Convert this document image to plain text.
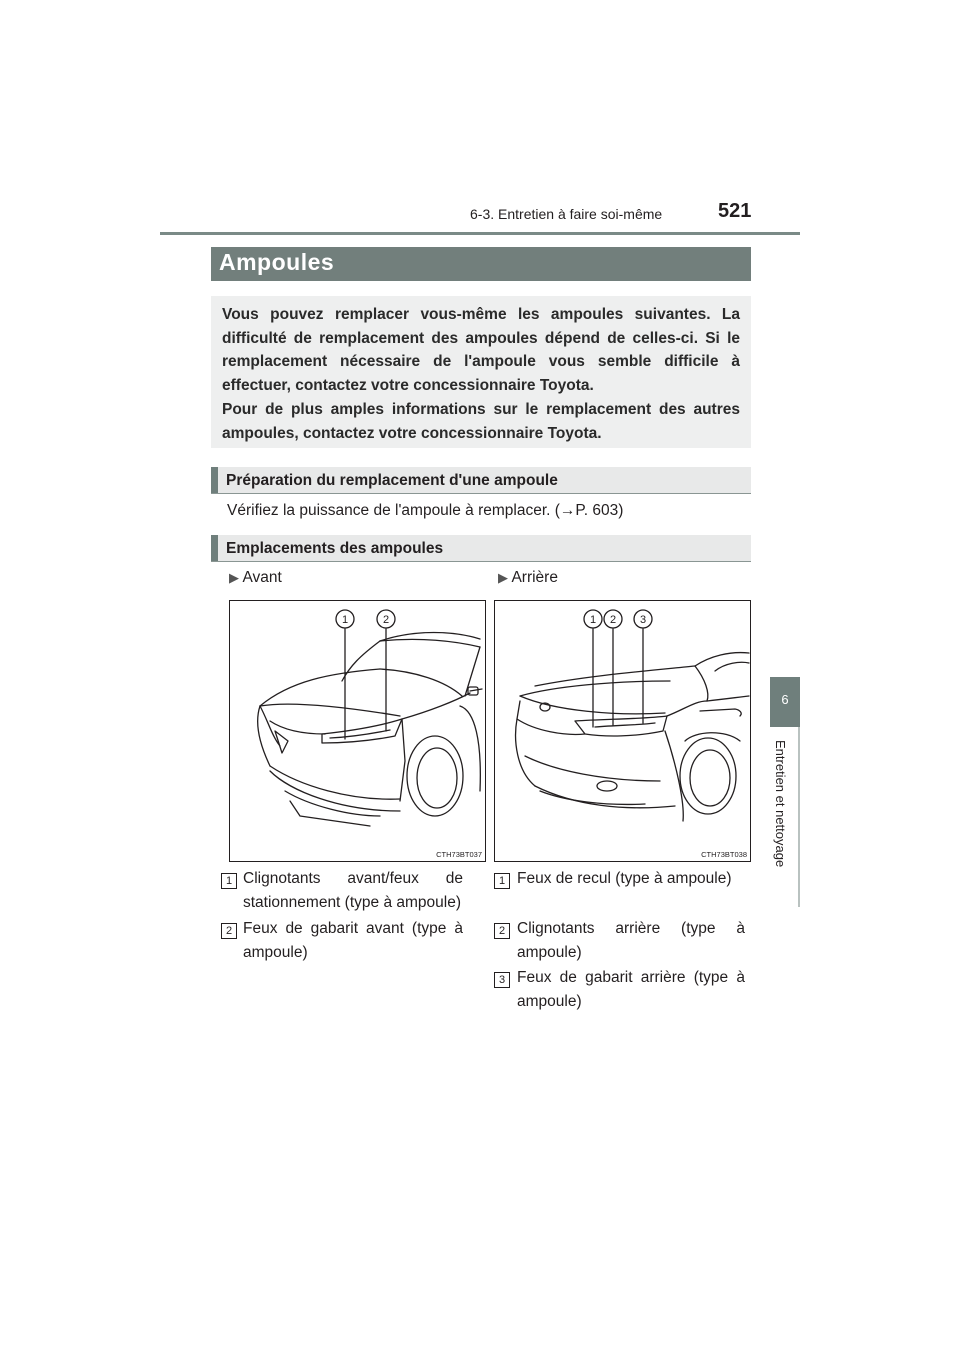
6-3. Entretien à faire soi-même	521
6
Entretien et nettoyage
Ampoules
Vous pouvez remplacer vous-même les ampoules suivantes. La difficulté de remplacement des ampoules dépend de celles-ci. Si le remplacement nécessaire de l'ampoule vous semble difficile à effectuer, contactez votre concessionnaire Toyota.
Pour de plus amples informations sur le remplacement des autres ampoules, contactez votre concessionnaire Toyota.
Préparation du remplacement d'une ampoule
Vérifiez la puissance de l'ampoule à remplacer. (→P. 603)
Emplacements des ampoules
▶ Avant	▶ Arrière
1	2
CTH73BT037
1 2 3
CTH73BT038
1 Clignotants avant/feux de stationnement (type à ampoule)
2 Feux de gabarit avant (type à ampoule)
1 Feux de recul (type à ampoule)
2 Clignotants arrière (type à ampoule)
3 Feux de gabarit arrière (type à ampoule)
